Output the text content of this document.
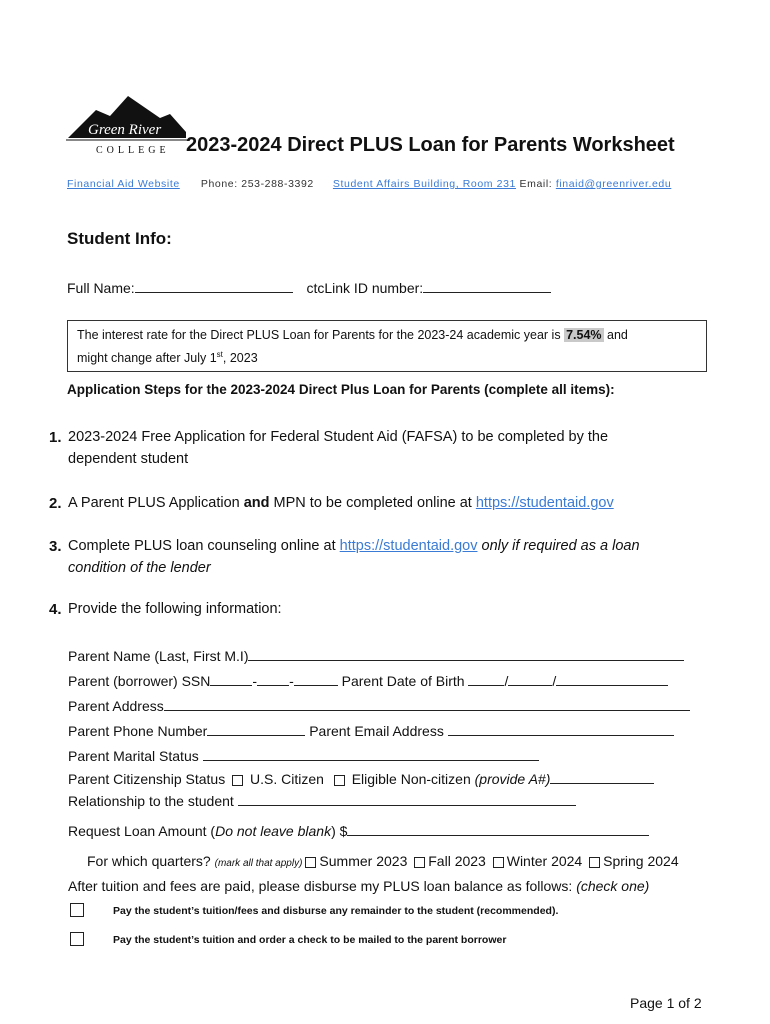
Green River
COLLEGE 2023-2024 Direct PLUS Loan for Parents Worksheet
Financial Aid Website Phone: 253-288-3392 Student Affairs Building, Room 231 Email: finaid@greenriver.edu
Student Info:
Full Name:	ctcLink ID number:
The interest rate for the Direct PLUS Loan for Parents for the 2023-24 academic year is 7.54% and
might change after July 1st, 2023
Application Steps for the 2023-2024 Direct Plus Loan for Parents (complete all items):
1. 2023-2024 Free Application for Federal Student Aid (FAFSA) to be completed by the dependent student
2. A Parent PLUS Application and MPN to be completed online at https://studentaid.gov
3. Complete PLUS loan counseling online at https://studentaid.gov only if required as a loan condition of the lender
4. Provide the following information:
Parent Name (Last, First M.I)
Parent (borrower) SSN	- -	Parent Date of Birth	/	/
Parent Address
Parent Phone Number	Parent Email Address
Parent Marital Status
Parent Citizenship Status U.S. Citizen Eligible Non-citizen (provide A#)
Relationship to the student
Request Loan Amount (Do not leave blank) $
For which quarters? (mark all that apply) Summer 2023 Fall 2023 Winter 2024 Spring 2024
After tuition and fees are paid, please disburse my PLUS loan balance as follows: (check one)
Pay the student’s tuition/fees and disburse any remainder to the student (recommended).
Pay the student’s tuition and order a check to be mailed to the parent borrower
Page 1 of 2
